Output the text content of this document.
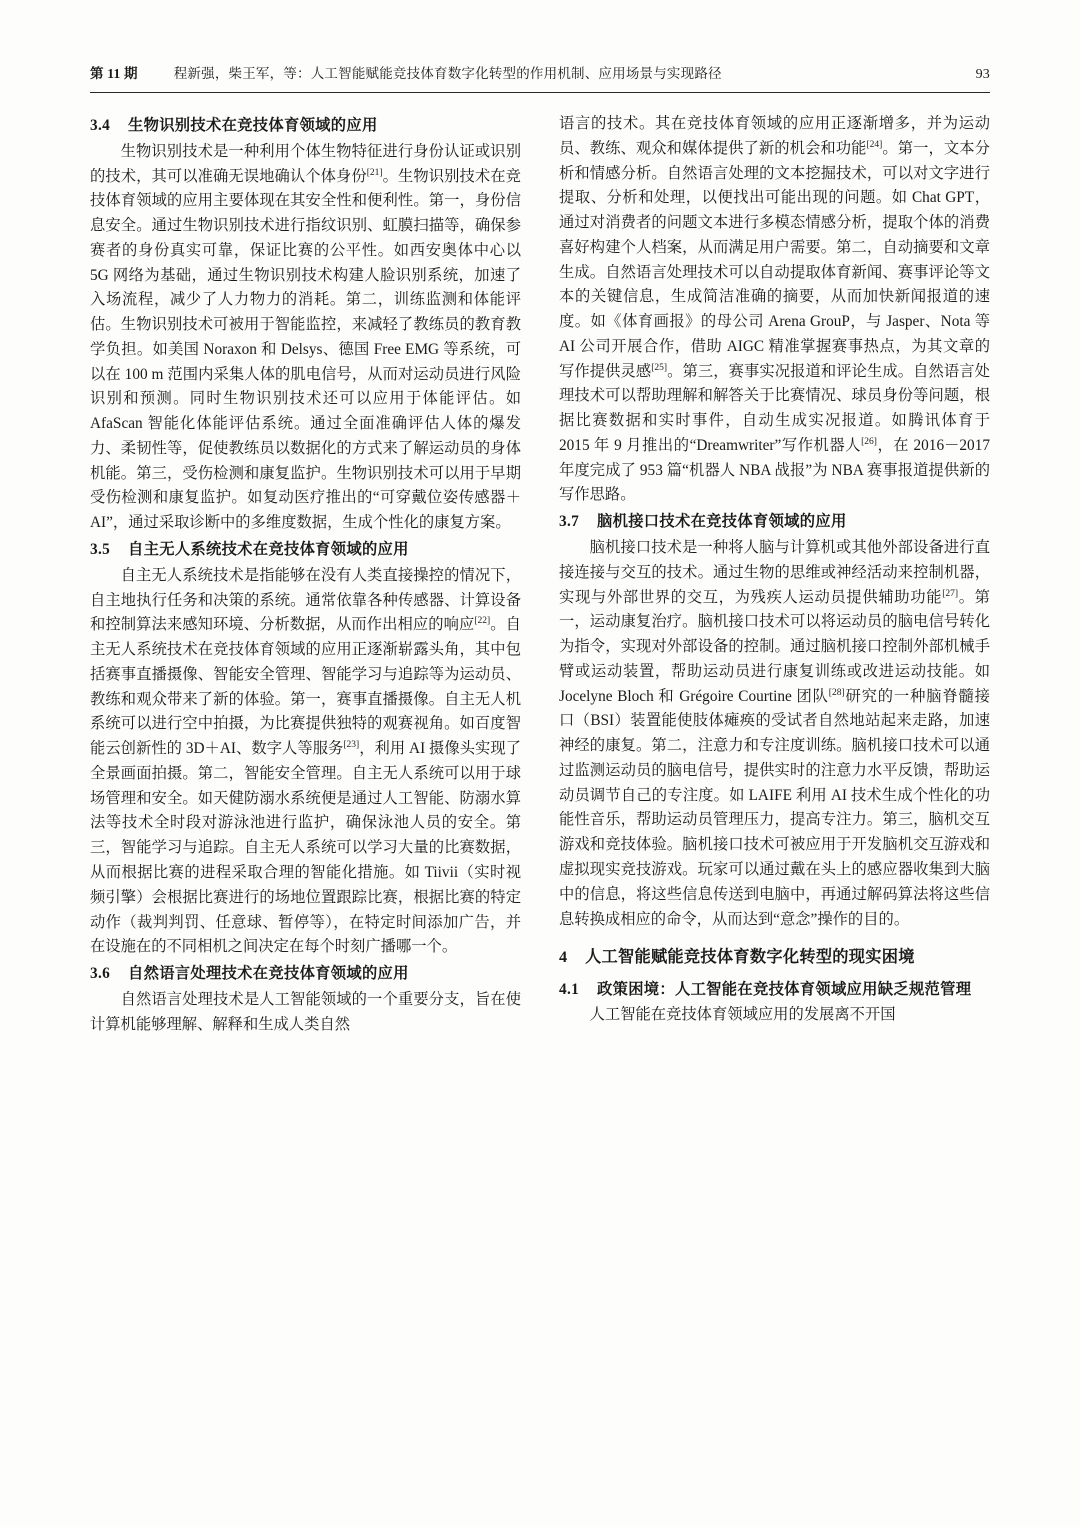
第 11 期	程新强，柴王军，等：人工智能赋能竞技体育数字化转型的作用机制、应用场景与实现路径	93
3.4 生物识别技术在竞技体育领域的应用

生物识别技术是一种利用个体生物特征进行身份认证或识别的技术，其可以准确无误地确认个体身份[21]。生物识别技术在竞技体育领域的应用主要体现在其安全性和便利性。第一，身份信息安全。通过生物识别技术进行指纹识别、虹膜扫描等，确保参赛者的身份真实可靠，保证比赛的公平性。如西安奥体中心以 5G 网络为基础，通过生物识别技术构建人脸识别系统，加速了入场流程，减少了人力物力的消耗。第二，训练监测和体能评估。生物识别技术可被用于智能监控，来减轻了教练员的教育教学负担。如美国 Noraxon 和 Delsys、德国 Free EMG 等系统，可以在 100 m 范围内采集人体的肌电信号，从而对运动员进行风险识别和预测。同时生物识别技术还可以应用于体能评估。如 AfaScan 智能化体能评估系统。通过全面准确评估人体的爆发力、柔韧性等，促使教练员以数据化的方式来了解运动员的身体机能。第三，受伤检测和康复监护。生物识别技术可以用于早期受伤检测和康复监护。如复动医疗推出的“可穿戴位姿传感器＋AI”，通过采取诊断中的多维度数据，生成个性化的康复方案。

3.5 自主无人系统技术在竞技体育领域的应用

自主无人系统技术是指能够在没有人类直接操控的情况下，自主地执行任务和决策的系统。通常依靠各种传感器、计算设备和控制算法来感知环境、分析数据，从而作出相应的响应[22]。自主无人系统技术在竞技体育领域的应用正逐渐崭露头角，其中包括赛事直播摄像、智能安全管理、智能学习与追踪等为运动员、教练和观众带来了新的体验。第一，赛事直播摄像。自主无人机系统可以进行空中拍摄，为比赛提供独特的观赛视角。如百度智能云创新性的 3D＋AI、数字人等服务[23]，利用 AI 摄像头实现了全景画面拍摄。第二，智能安全管理。自主无人系统可以用于球场管理和安全。如天健防溺水系统便是通过人工智能、防溺水算法等技术全时段对游泳池进行监护，确保泳池人员的安全。第三，智能学习与追踪。自主无人系统可以学习大量的比赛数据，从而根据比赛的进程采取合理的智能化措施。如 Tiivii（实时视频引擎）会根据比赛进行的场地位置跟踪比赛，根据比赛的特定动作（裁判判罚、任意球、暂停等），在特定时间添加广告，并在设施在的不同相机之间决定在每个时刻广播哪一个。

3.6 自然语言处理技术在竞技体育领域的应用

自然语言处理技术是人工智能领域的一个重要分支，旨在使计算机能够理解、解释和生成人类自然

语言的技术。其在竞技体育领域的应用正逐渐增多，并为运动员、教练、观众和媒体提供了新的机会和功能[24]。第一，文本分析和情感分析。自然语言处理的文本挖掘技术，可以对文字进行提取、分析和处理，以便找出可能出现的问题。如 Chat GPT，通过对消费者的问题文本进行多模态情感分析，提取个体的消费喜好构建个人档案，从而满足用户需要。第二，自动摘要和文章生成。自然语言处理技术可以自动提取体育新闻、赛事评论等文本的关键信息，生成简洁准确的摘要，从而加快新闻报道的速度。如《体育画报》的母公司 Arena GrouP，与 Jasper、Nota 等 AI 公司开展合作，借助 AIGC 精准掌握赛事热点，为其文章的写作提供灵感[25]。第三，赛事实况报道和评论生成。自然语言处理技术可以帮助理解和解答关于比赛情况、球员身份等问题，根据比赛数据和实时事件，自动生成实况报道。如腾讯体育于 2015 年 9 月推出的“Dreamwriter”写作机器人[26]，在 2016－2017 年度完成了 953 篇“机器人 NBA 战报”为 NBA 赛事报道提供新的写作思路。

3.7 脑机接口技术在竞技体育领域的应用

脑机接口技术是一种将人脑与计算机或其他外部设备进行直接连接与交互的技术。通过生物的思维或神经活动来控制机器，实现与外部世界的交互，为残疾人运动员提供辅助功能[27]。第一，运动康复治疗。脑机接口技术可以将运动员的脑电信号转化为指令，实现对外部设备的控制。通过脑机接口控制外部机械手臂或运动装置，帮助运动员进行康复训练或改进运动技能。如 Jocelyne Bloch 和 Grégoire Courtine 团队[28]研究的一种脑脊髓接口（BSI）装置能使肢体瘫痪的受试者自然地站起来走路，加速神经的康复。第二，注意力和专注度训练。脑机接口技术可以通过监测运动员的脑电信号，提供实时的注意力水平反馈，帮助运动员调节自己的专注度。如 LAIFE 利用 AI 技术生成个性化的功能性音乐，帮助运动员管理压力，提高专注力。第三，脑机交互游戏和竞技体验。脑机接口技术可被应用于开发脑机交互游戏和虚拟现实竞技游戏。玩家可以通过戴在头上的感应器收集到大脑中的信息，将这些信息传送到电脑中，再通过解码算法将这些信息转换成相应的命令，从而达到“意念”操作的目的。

4 人工智能赋能竞技体育数字化转型的现实困境
4.1 政策困境：人工智能在竞技体育领域应用缺乏规范管理

人工智能在竞技体育领域应用的发展离不开国
